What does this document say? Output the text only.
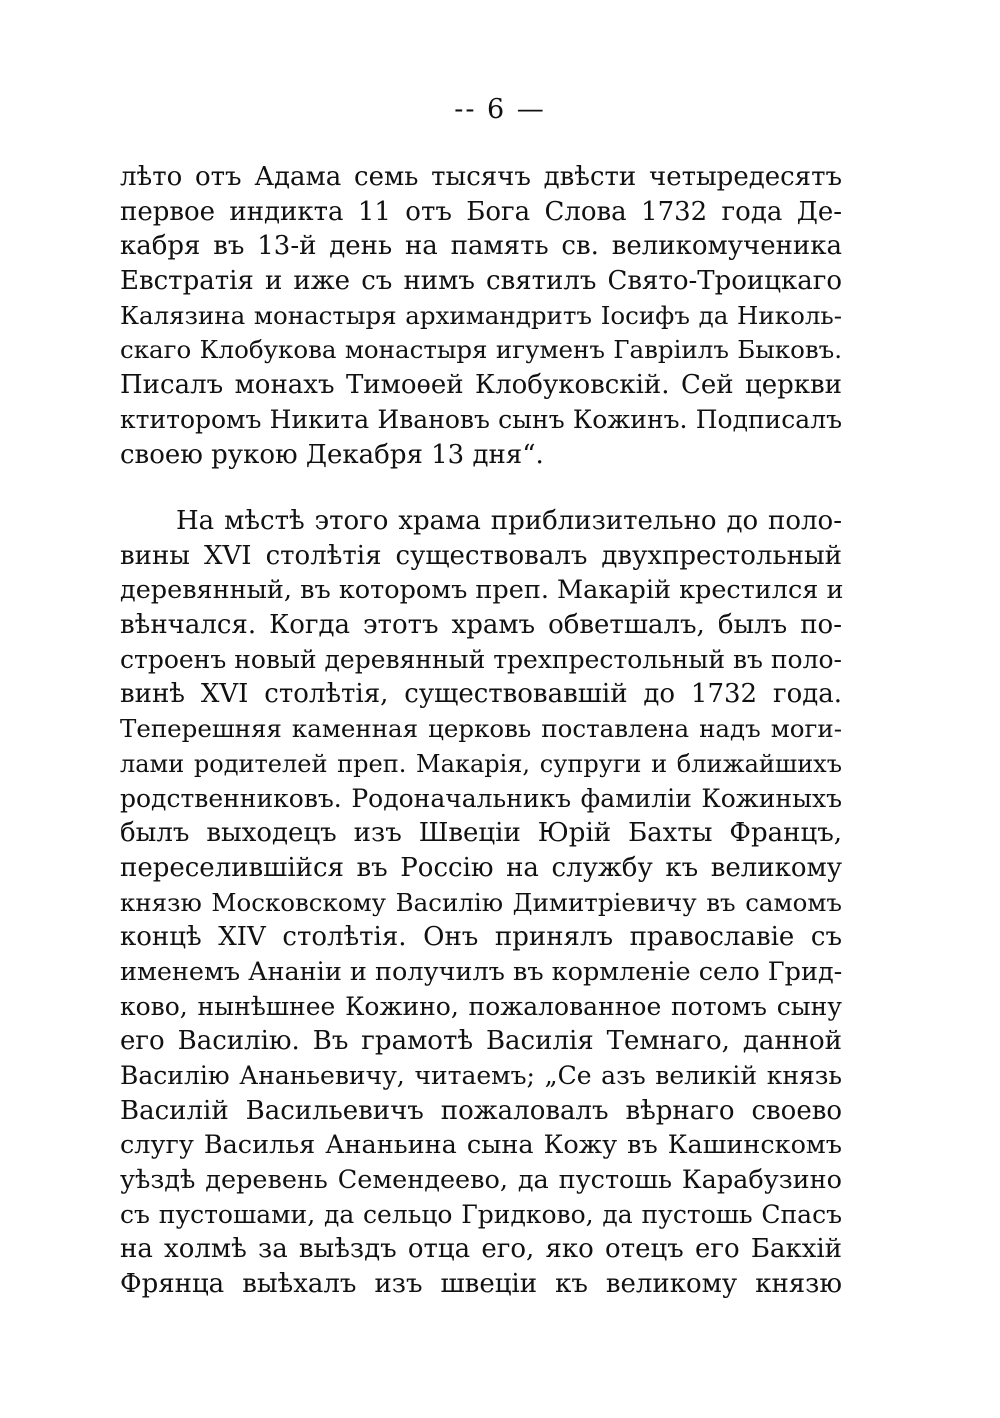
-- 6 —
лѣто отъ Адама семь тысячъ двѣсти четыредесятъ
первое индикта 11 отъ Бога Слова 1732 года Де-
кабря въ 13-й день на память св. великомученика
Евстратія и иже съ нимъ святилъ Свято-Троицкаго
Калязина монастыря архимандритъ Іосифъ да Николь-
скаго Клобукова монастыря игуменъ Гавріилъ Быковъ.
Писалъ монахъ Тимоѳей Клобуковскій. Сей церкви
ктиторомъ Никита Ивановъ сынъ Кожинъ. Подписалъ
своею рукою Декабря 13 дня“.
На мѣстѣ этого храма приблизительно до поло-
вины XVI столѣтія существовалъ двухпрестольный
деревянный, въ которомъ преп. Макарій крестился и
вѣнчался. Когда этотъ храмъ обветшалъ, былъ по-
строенъ новый деревянный трехпрестольный въ поло-
винѣ XVI столѣтія, существовавшій до 1732 года.
Теперешняя каменная церковь поставлена надъ моги-
лами родителей преп. Макарія, супруги и ближайшихъ
родственниковъ. Родоначальникъ фамиліи Кожиныхъ
былъ выходецъ изъ Швеціи Юрій Бахты Францъ,
переселившійся въ Россію на службу къ великому
князю Московскому Василію Димитріевичу въ самомъ
концѣ XIV столѣтія. Онъ принялъ православіе съ
именемъ Ананіи и получилъ въ кормленіе село Грид-
ково, нынѣшнее Кожино, пожалованное потомъ сыну
его Василію. Въ грамотѣ Василія Темнаго, данной
Василію Ананьевичу, читаемъ; „Се азъ великій князь
Василій Васильевичъ пожаловалъ вѣрнаго своево
слугу Василья Ананьина сына Кожу въ Кашинскомъ
уѣздѣ деревень Семендеево, да пустошь Карабузино
съ пустошами, да сельцо Гридково, да пустошь Спасъ
на холмѣ за выѣздъ отца его, яко отецъ его Бакхій
Фрянца выѣхалъ изъ швеціи къ великому князю
